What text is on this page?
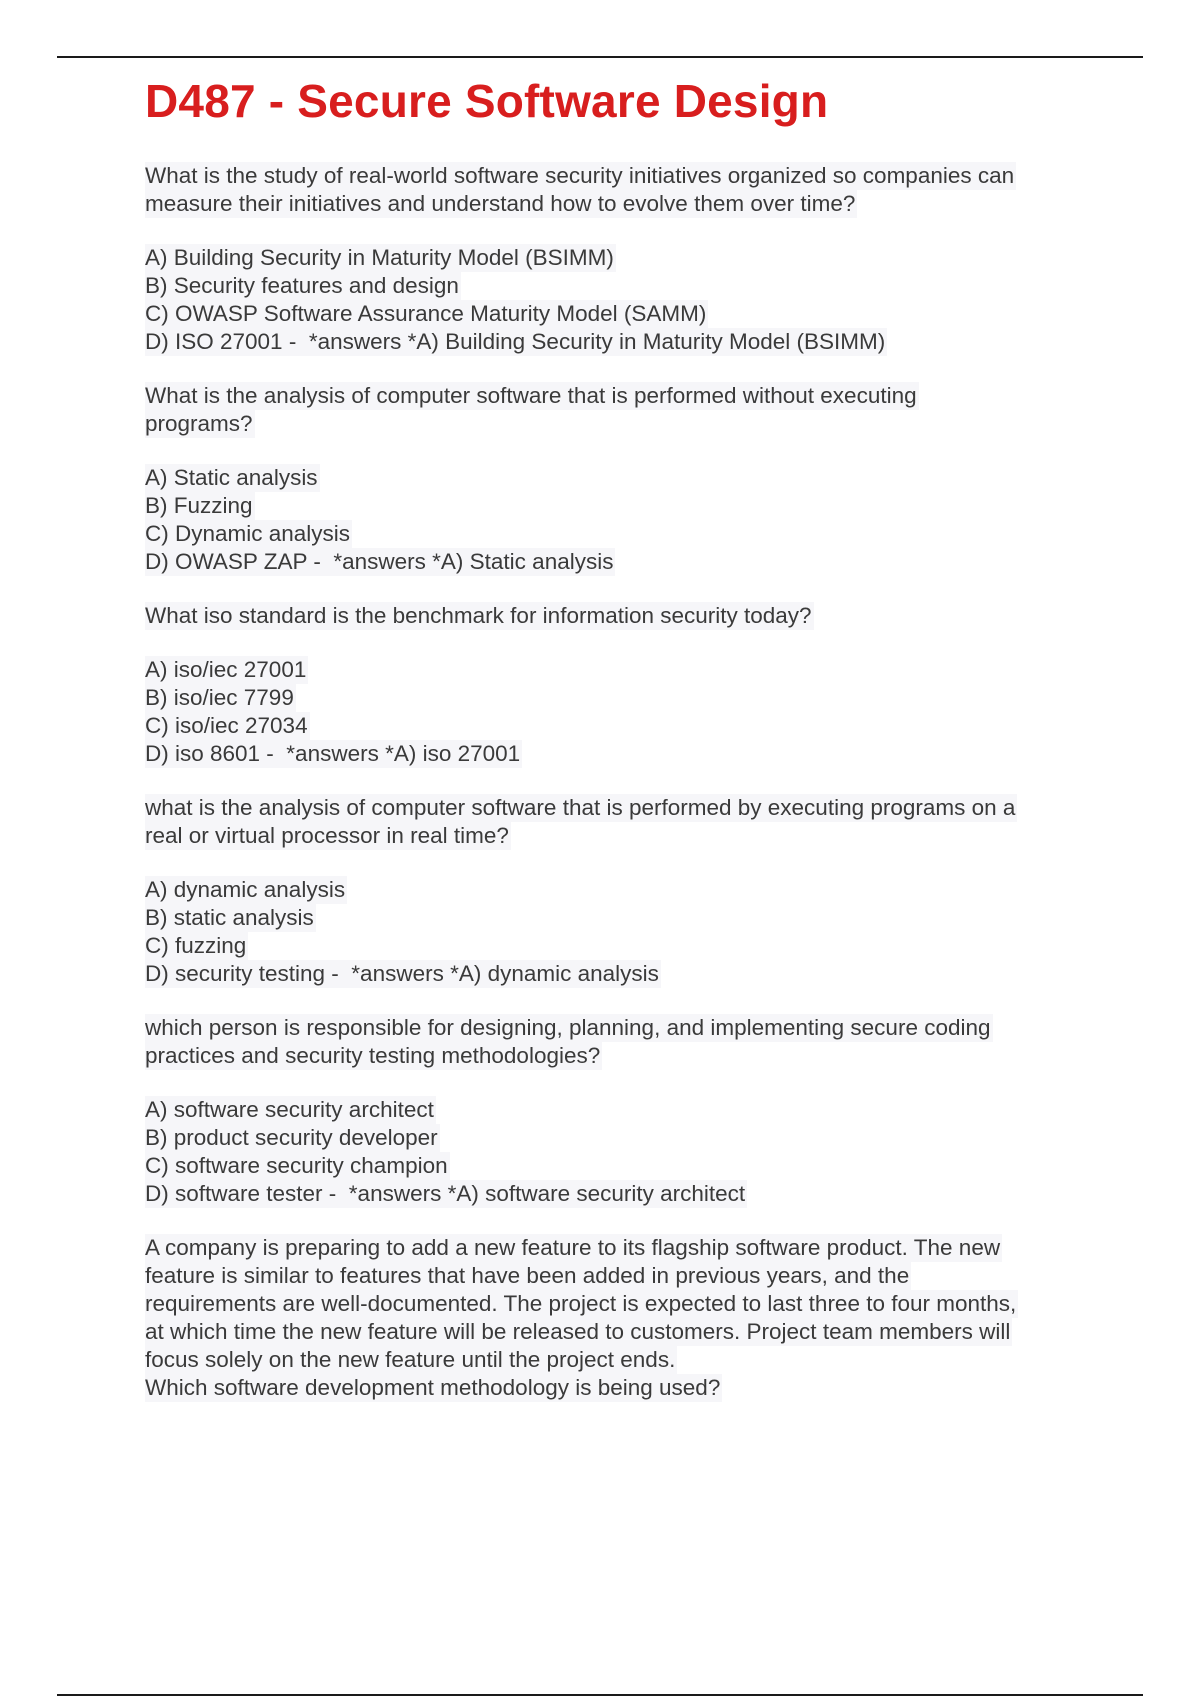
D487 - Secure Software Design
What is the study of real-world software security initiatives organized so companies can
measure their initiatives and understand how to evolve them over time?
A) Building Security in Maturity Model (BSIMM)
B) Security features and design
C) OWASP Software Assurance Maturity Model (SAMM)
D) ISO 27001 -  *answers *A) Building Security in Maturity Model (BSIMM)
What is the analysis of computer software that is performed without executing
programs?
A) Static analysis
B) Fuzzing
C) Dynamic analysis
D) OWASP ZAP -  *answers *A) Static analysis
What iso standard is the benchmark for information security today?
A) iso/iec 27001
B) iso/iec 7799
C) iso/iec 27034
D) iso 8601 -  *answers *A) iso 27001
what is the analysis of computer software that is performed by executing programs on a
real or virtual processor in real time?
A) dynamic analysis
B) static analysis
C) fuzzing
D) security testing -  *answers *A) dynamic analysis
which person is responsible for designing, planning, and implementing secure coding
practices and security testing methodologies?
A) software security architect
B) product security developer
C) software security champion
D) software tester -  *answers *A) software security architect
A company is preparing to add a new feature to its flagship software product. The new
feature is similar to features that have been added in previous years, and the
requirements are well-documented. The project is expected to last three to four months,
at which time the new feature will be released to customers. Project team members will
focus solely on the new feature until the project ends.
Which software development methodology is being used?
